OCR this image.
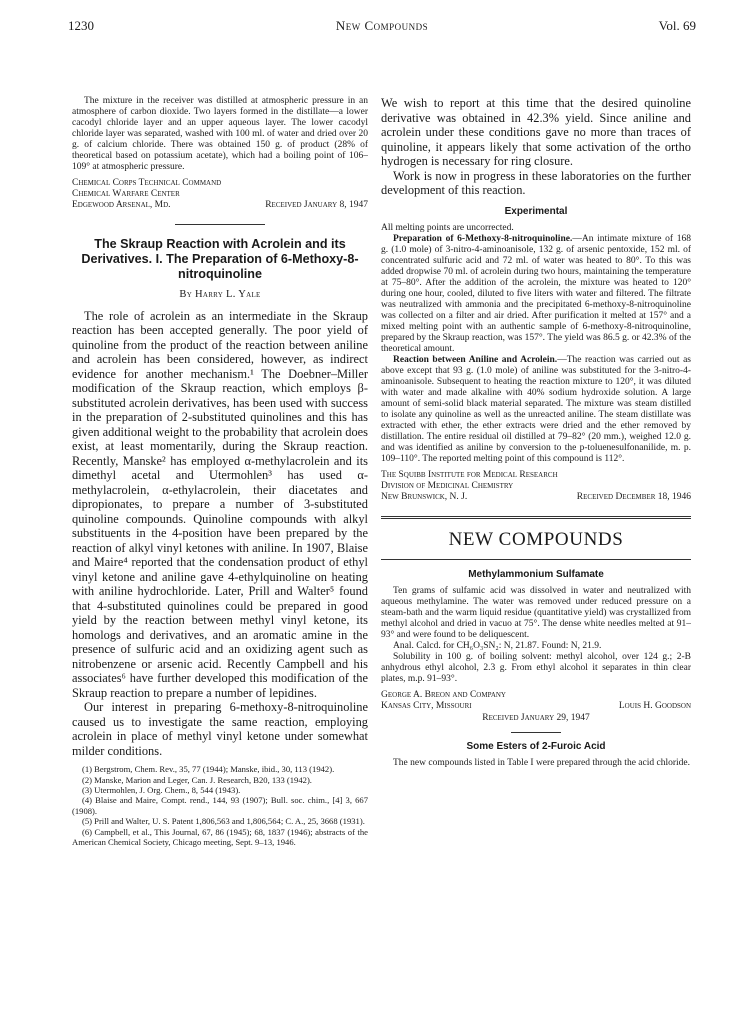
1230	New Compounds	Vol. 69

The mixture in the receiver was distilled at atmospheric pressure in an atmosphere of carbon dioxide. Two layers formed in the distillate—a lower cacodyl chloride layer and an upper aqueous layer. The lower cacodyl chloride layer was separated, washed with 100 ml. of water and dried over 20 g. of calcium chloride. There was obtained 150 g. of product (28% of theoretical based on potassium acetate), which had a boiling point of 106–109° at atmospheric pressure.

Chemical Corps Technical Command
Chemical Warfare Center
Edgewood Arsenal, Md.	Received January 8, 1947
The Skraup Reaction with Acrolein and its Derivatives. I. The Preparation of 6-Methoxy-8-nitroquinoline
By Harry L. Yale

The role of acrolein as an intermediate in the Skraup reaction has been accepted generally. The poor yield of quinoline from the product of the reaction between aniline and acrolein has been considered, however, as indirect evidence for another mechanism.¹ The Doebner–Miller modification of the Skraup reaction, which employs β-substituted acrolein derivatives, has been used with success in the preparation of 2-substituted quinolines and this has given additional weight to the probability that acrolein does exist, at least momentarily, during the Skraup reaction. Recently, Manske² has employed α-methylacrolein and its dimethyl acetal and Utermohlen³ has used α-methylacrolein, α-ethylacrolein, their diacetates and dipropionates, to prepare a number of 3-substituted quinoline compounds. Quinoline compounds with alkyl substituents in the 4-position have been prepared by the reaction of alkyl vinyl ketones with aniline. In 1907, Blaise and Maire⁴ reported that the condensation product of ethyl vinyl ketone and aniline gave 4-ethylquinoline on heating with aniline hydrochloride. Later, Prill and Walter⁵ found that 4-substituted quinolines could be prepared in good yield by the reaction between methyl vinyl ketone, its homologs and derivatives, and an aromatic amine in the presence of sulfuric acid and an oxidizing agent such as nitrobenzene or arsenic acid. Recently Campbell and his associates⁶ have further developed this modification of the Skraup reaction to prepare a number of lepidines.

Our interest in preparing 6-methoxy-8-nitroquinoline caused us to investigate the same reaction, employing acrolein in place of methyl vinyl ketone under somewhat milder conditions.

(1) Bergstrom, Chem. Rev., 35, 77 (1944); Manske, ibid., 30, 113 (1942).

(2) Manske, Marion and Leger, Can. J. Research, B20, 133 (1942).

(3) Utermohlen, J. Org. Chem., 8, 544 (1943).

(4) Blaise and Maire, Compt. rend., 144, 93 (1907); Bull. soc. chim., [4] 3, 667 (1908).

(5) Prill and Walter, U. S. Patent 1,806,563 and 1,806,564; C. A., 25, 3668 (1931).

(6) Campbell, et al., This Journal, 67, 86 (1945); 68, 1837 (1946); abstracts of the American Chemical Society, Chicago meeting, Sept. 9–13, 1946.

We wish to report at this time that the desired quinoline derivative was obtained in 42.3% yield. Since aniline and acrolein under these conditions gave no more than traces of quinoline, it appears likely that some activation of the ortho hydrogen is necessary for ring closure.

Work is now in progress in these laboratories on the further development of this reaction.

Experimental

All melting points are uncorrected.

Preparation of 6-Methoxy-8-nitroquinoline.—An intimate mixture of 168 g. (1.0 mole) of 3-nitro-4-aminoanisole, 132 g. of arsenic pentoxide, 152 ml. of concentrated sulfuric acid and 72 ml. of water was heated to 80°. To this was added dropwise 70 ml. of acrolein during two hours, maintaining the temperature at 75–80°. After the addition of the acrolein, the mixture was heated to 120° during one hour, cooled, diluted to five liters with water and filtered. The filtrate was neutralized with ammonia and the precipitated 6-methoxy-8-nitroquinoline was collected on a filter and air dried. After purification it melted at 157° and a mixed melting point with an authentic sample of 6-methoxy-8-nitroquinoline, prepared by the Skraup reaction, was 157°. The yield was 86.5 g. or 42.3% of the theoretical amount.

Reaction between Aniline and Acrolein.—The reaction was carried out as above except that 93 g. (1.0 mole) of aniline was substituted for the 3-nitro-4-aminoanisole. Subsequent to heating the reaction mixture to 120°, it was diluted with water and made alkaline with 40% sodium hydroxide solution. A large amount of semi-solid black material separated. The mixture was steam distilled to isolate any quinoline as well as the unreacted aniline. The steam distillate was extracted with ether, the ether extracts were dried and the ether removed by distillation. The entire residual oil distilled at 79–82° (20 mm.), weighed 12.0 g. and was identified as aniline by conversion to the p-toluenesulfonanilide, m. p. 109–110°. The reported melting point of this compound is 112°.

The Squibb Institute for Medical Research
Division of Medicinal Chemistry
New Brunswick, N. J.	Received December 18, 1946
NEW COMPOUNDS
Methylammonium Sulfamate

Ten grams of sulfamic acid was dissolved in water and neutralized with aqueous methylamine. The water was removed under reduced pressure on a steam-bath and the warm liquid residue (quantitative yield) was crystallized from methyl alcohol and dried in vacuo at 75°. The dense white needles melted at 91–93° and were found to be deliquescent.

Anal. Calcd. for CH₆O₃SN₂: N, 21.87. Found: N, 21.9.

Solubility in 100 g. of boiling solvent: methyl alcohol, over 124 g.; 2-B anhydrous ethyl alcohol, 2.3 g. From ethyl alcohol it separates in thin clear plates, m.p. 91–93°.

George A. Breon and Company
Kansas City, Missouri	Louis H. Goodson
Received January 29, 1947
Some Esters of 2-Furoic Acid

The new compounds listed in Table I were prepared through the acid chloride.
